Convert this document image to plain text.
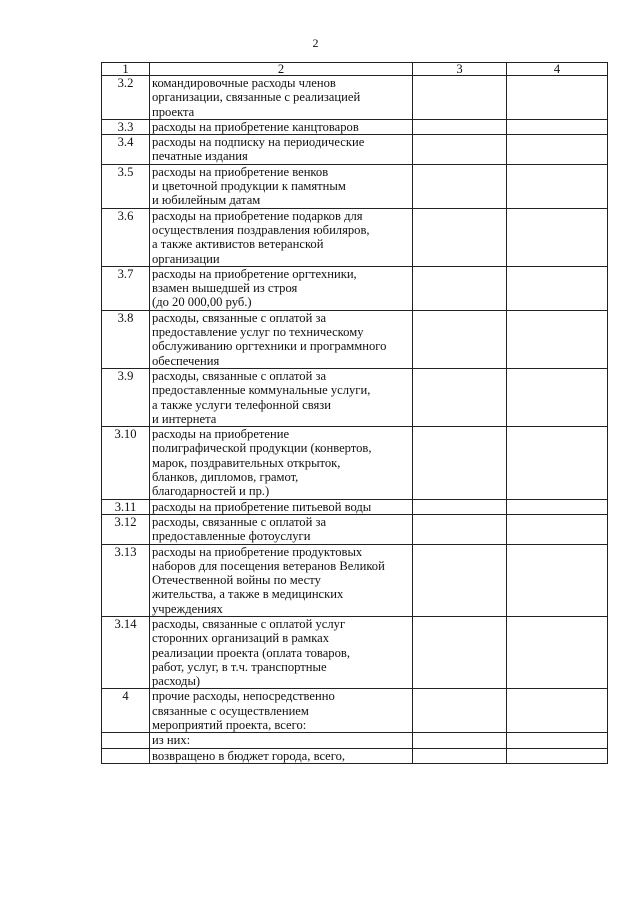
2
1	2	3	4
3.2	командировочные расходы членов
организации, связанные с реализацией
проекта		

3.3	расходы на приобретение канцтоваров		

3.4	расходы на подписку на периодические
печатные издания		

3.5	расходы на приобретение венков
и цветочной продукции к памятным
и юбилейным датам		

3.6	расходы на приобретение подарков для
осуществления поздравления юбиляров,
а также активистов ветеранской
организации		

3.7	расходы на приобретение оргтехники,
взамен вышедшей из строя
(до 20 000,00 руб.)		

3.8	расходы, связанные с оплатой за
предоставление услуг по техническому
обслуживанию оргтехники и программного
обеспечения		

3.9	расходы, связанные с оплатой за
предоставленные коммунальные услуги,
а также услуги телефонной связи
и интернета		

3.10	расходы на приобретение
полиграфической продукции (конвертов,
марок, поздравительных открыток,
бланков, дипломов, грамот,
благодарностей и пр.)		

3.11	расходы на приобретение питьевой воды		

3.12	расходы, связанные с оплатой за
предоставленные фотоуслуги		

3.13	расходы на приобретение продуктовых
наборов для посещения ветеранов Великой
Отечественной войны по месту
жительства, а также в медицинских
учреждениях		

3.14	расходы, связанные с оплатой услуг
сторонних организаций в рамках
реализации проекта (оплата товаров,
работ, услуг, в т.ч. транспортные
расходы)		

4	прочие расходы, непосредственно
связанные с осуществлением
мероприятий проекта, всего:		

	из них:		

	возвращено в бюджет города, всего,		
